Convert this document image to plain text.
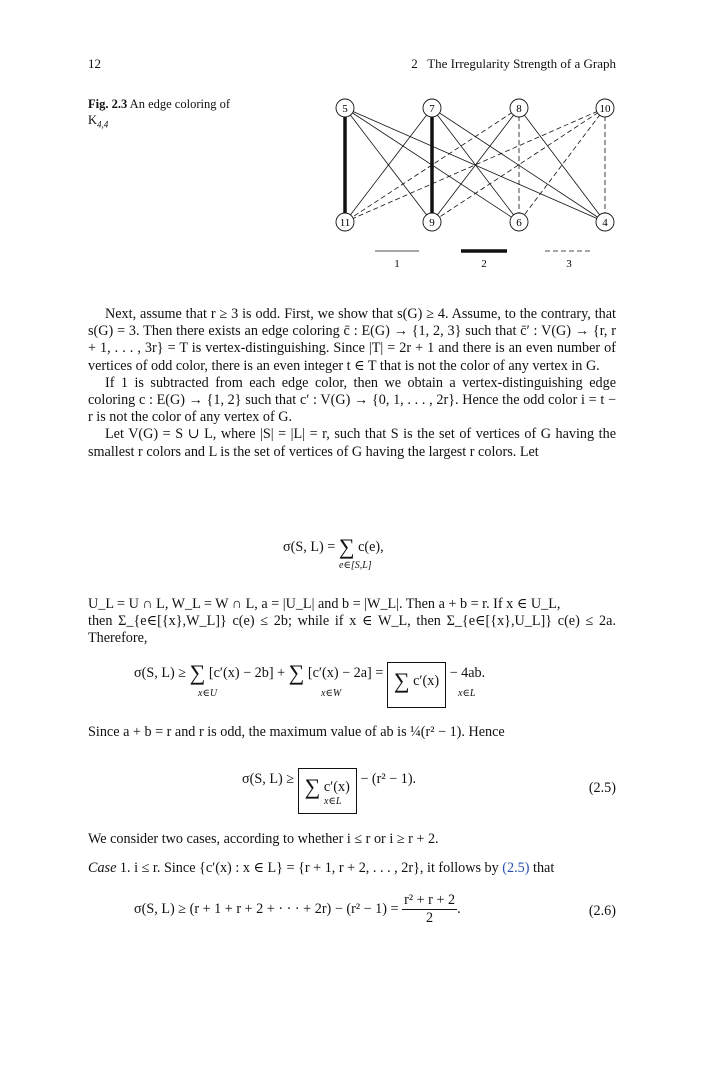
12	2   The Irregularity Strength of a Graph
Fig. 2.3 An edge coloring of $K_{4,4}$
5	7	8	10
11	9	6	4
1	2	3

Next, assume that r ≥ 3 is odd. First, we show that s(G) ≥ 4. Assume, to the contrary, that s(G) = 3. Then there exists an edge coloring c̄ : E(G) → {1, 2, 3} such that c̄′ : V(G) → {r, r + 1, . . . , 3r} = T is vertex-distinguishing. Since |T| = 2r + 1 and there is an even number of vertices of odd color, there is an even integer t ∈ T that is not the color of any vertex in G.

If 1 is subtracted from each edge color, then we obtain a vertex-distinguishing edge coloring c : E(G) → {1, 2} such that c′ : V(G) → {0, 1, . . . , 2r}. Hence the odd color i = t − r is not the color of any vertex of G.

Let V(G) = S ∪ L, where |S| = |L| = r, such that S is the set of vertices of G having the smallest r colors and L is the set of vertices of G having the largest r colors. Let

σ(S, L) = ∑ c(e),
e∈[S,L]

U_L = U ∩ L, W_L = W ∩ L, a = |U_L| and b = |W_L|. Then a + b = r. If x ∈ U_L,

then Σ_{e∈[{x},W_L]} c(e) ≤ 2b; while if x ∈ W_L, then Σ_{e∈[{x},U_L]} c(e) ≤ 2a. Therefore,

σ(S, L) ≥ ∑ [c′(x) − 2b] + ∑ [c′(x) − 2a] = ∑ c′(x) − 4ab.
x∈U	x∈W	x∈L

Since a + b = r and r is odd, the maximum value of ab is ¼(r² − 1). Hence

σ(S, L) ≥ ∑ c′(x) − (r² − 1).
x∈L
(2.5)

We consider two cases, according to whether i ≤ r or i ≥ r + 2.

Case 1. i ≤ r. Since {c′(x) : x ∈ L} = {r + 1, r + 2, . . . , 2r}, it follows by (2.5) that

σ(S, L) ≥ (r + 1 + r + 2 + · · · + $2r) - (r^2 - 1) = \frac{\text{r² + r + 2}}{2}$ .	(2.6)
